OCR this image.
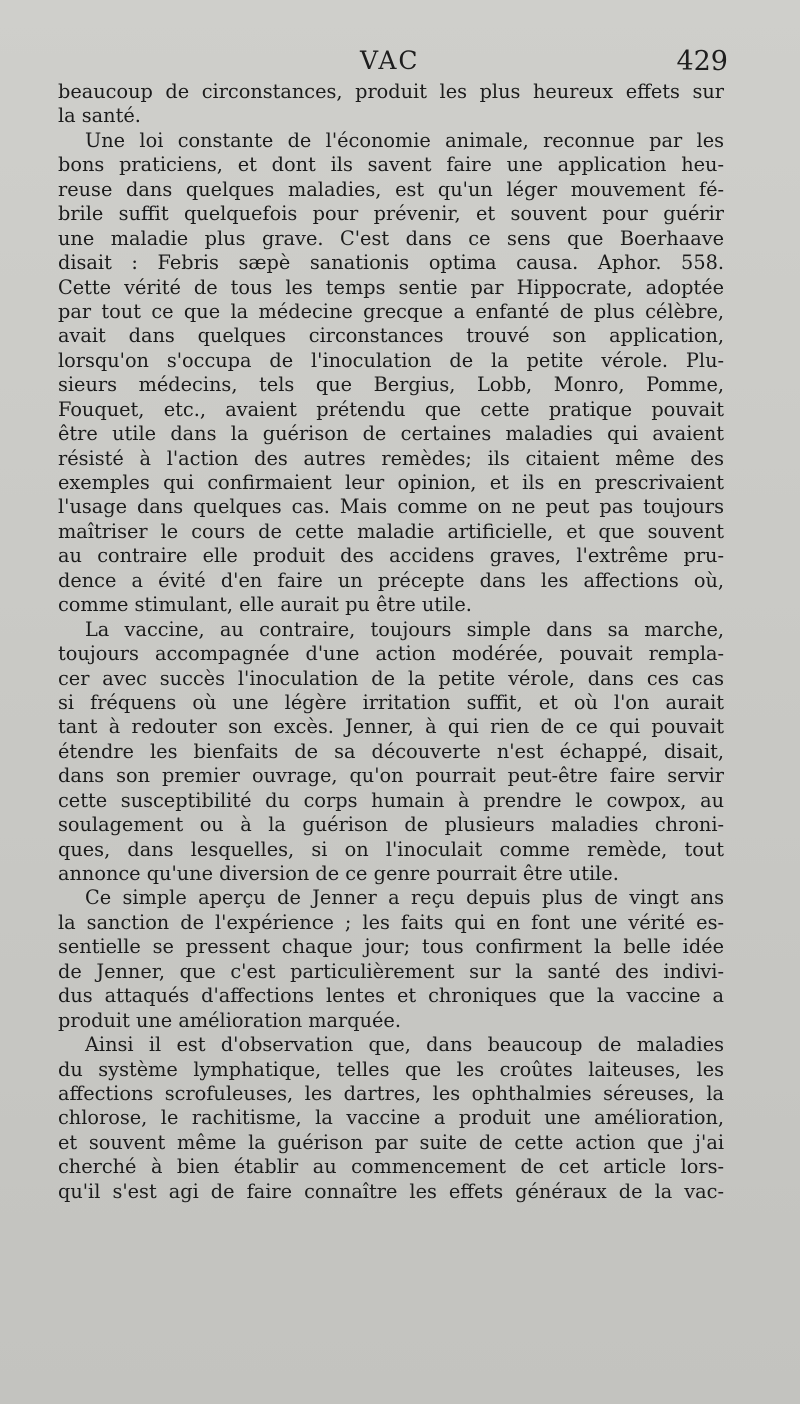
VAC	429
beaucoup de circonstances, produit les plus heureux effets sur
la santé.
Une loi constante de l'économie animale, reconnue par les
bons praticiens, et dont ils savent faire une application heu-
reuse dans quelques maladies, est qu'un léger mouvement fé-
brile suffit quelquefois pour prévenir, et souvent pour guérir
une maladie plus grave. C'est dans ce sens que Boerhaave
disait : Febris sæpè sanationis optima causa. Aphor. 558.
Cette vérité de tous les temps sentie par Hippocrate, adoptée
par tout ce que la médecine grecque a enfanté de plus célèbre,
avait dans quelques circonstances trouvé son application,
lorsqu'on s'occupa de l'inoculation de la petite vérole. Plu-
sieurs médecins, tels que Bergius, Lobb, Monro, Pomme,
Fouquet, etc., avaient prétendu que cette pratique pouvait
être utile dans la guérison de certaines maladies qui avaient
résisté à l'action des autres remèdes; ils citaient même des
exemples qui confirmaient leur opinion, et ils en prescrivaient
l'usage dans quelques cas. Mais comme on ne peut pas toujours
maîtriser le cours de cette maladie artificielle, et que souvent
au contraire elle produit des accidens graves, l'extrême pru-
dence a évité d'en faire un précepte dans les affections où,
comme stimulant, elle aurait pu être utile.
La vaccine, au contraire, toujours simple dans sa marche,
toujours accompagnée d'une action modérée, pouvait rempla-
cer avec succès l'inoculation de la petite vérole, dans ces cas
si fréquens où une légère irritation suffit, et où l'on aurait
tant à redouter son excès. Jenner, à qui rien de ce qui pouvait
étendre les bienfaits de sa découverte n'est échappé, disait,
dans son premier ouvrage, qu'on pourrait peut-être faire servir
cette susceptibilité du corps humain à prendre le cowpox, au
soulagement ou à la guérison de plusieurs maladies chroni-
ques, dans lesquelles, si on l'inoculait comme remède, tout
annonce qu'une diversion de ce genre pourrait être utile.
Ce simple aperçu de Jenner a reçu depuis plus de vingt ans
la sanction de l'expérience ; les faits qui en font une vérité es-
sentielle se pressent chaque jour; tous confirment la belle idée
de Jenner, que c'est particulièrement sur la santé des indivi-
dus attaqués d'affections lentes et chroniques que la vaccine a
produit une amélioration marquée.
Ainsi il est d'observation que, dans beaucoup de maladies
du système lymphatique, telles que les croûtes laiteuses, les
affections scrofuleuses, les dartres, les ophthalmies séreuses, la
chlorose, le rachitisme, la vaccine a produit une amélioration,
et souvent même la guérison par suite de cette action que j'ai
cherché à bien établir au commencement de cet article lors-
qu'il s'est agi de faire connaître les effets généraux de la vac-
